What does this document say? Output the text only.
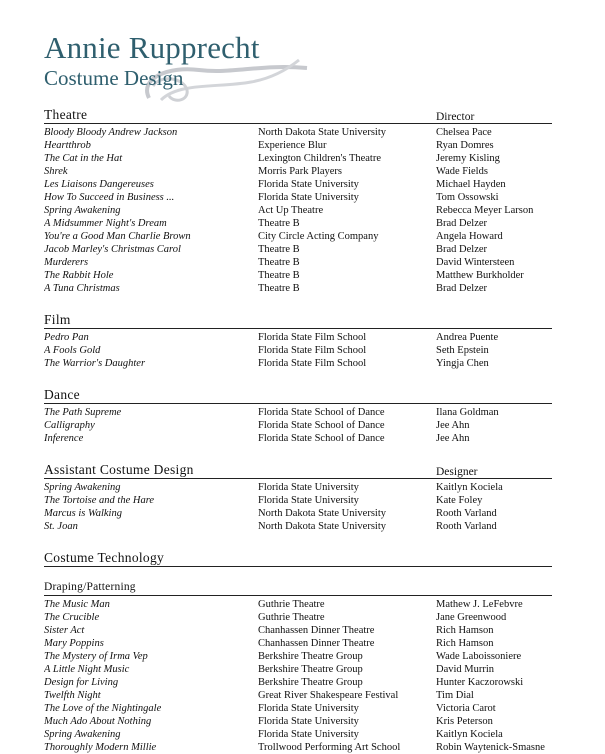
Annie Rupprecht
Costume Design
Theatre	Director
Bloody Bloody Andrew Jackson	North Dakota State University	Chelsea Pace
Heartthrob	Experience Blur	Ryan Domres
The Cat in the Hat	Lexington Children's Theatre	Jeremy Kisling
Shrek	Morris Park Players	Wade Fields
Les Liaisons Dangereuses	Florida State University	Michael Hayden
How To Succeed in Business ...	Florida State University	Tom Ossowski
Spring Awakening	Act Up Theatre	Rebecca Meyer Larson
A Midsummer Night's Dream	Theatre B	Brad Delzer
You're a Good Man Charlie Brown	City Circle Acting Company	Angela Howard
Jacob Marley's Christmas Carol	Theatre B	Brad Delzer
Murderers	Theatre B	David Wintersteen
The Rabbit Hole	Theatre B	Matthew Burkholder
A Tuna Christmas	Theatre B	Brad Delzer
Film
Pedro Pan	Florida State Film School	Andrea Puente
A Fools Gold	Florida State Film School	Seth Epstein
The Warrior's Daughter	Florida State Film School	Yingja Chen
Dance
The Path Supreme	Florida State School of Dance	Ilana Goldman
Calligraphy	Florida State School of Dance	Jee Ahn
Inference	Florida State School of Dance	Jee Ahn
Assistant Costume Design	Designer
Spring Awakening	Florida State University	Kaitlyn Kociela
The Tortoise and the Hare	Florida State University	Kate Foley
Marcus is Walking	North Dakota State University	Rooth Varland
St. Joan	North Dakota State University	Rooth Varland
Costume Technology
Draping/Patterning
The Music Man	Guthrie Theatre	Mathew J. LeFebvre
The Crucible	Guthrie Theatre	Jane Greenwood
Sister Act	Chanhassen Dinner Theatre	Rich Hamson
Mary Poppins	Chanhassen Dinner Theatre	Rich Hamson
The Mystery of Irma Vep	Berkshire Theatre Group	Wade Laboissoniere
A Little Night Music	Berkshire Theatre Group	David Murrin
Design for Living	Berkshire Theatre Group	Hunter Kaczorowski
Twelfth Night	Great River Shakespeare Festival	Tim Dial
The Love of the Nightingale	Florida State University	Victoria Carot
Much Ado About Nothing	Florida State University	Kris Peterson
Spring Awakening	Florida State University	Kaitlyn Kociela
Thoroughly Modern Millie	Trollwood Performing Art School	Robin Waytenick-Smasne
